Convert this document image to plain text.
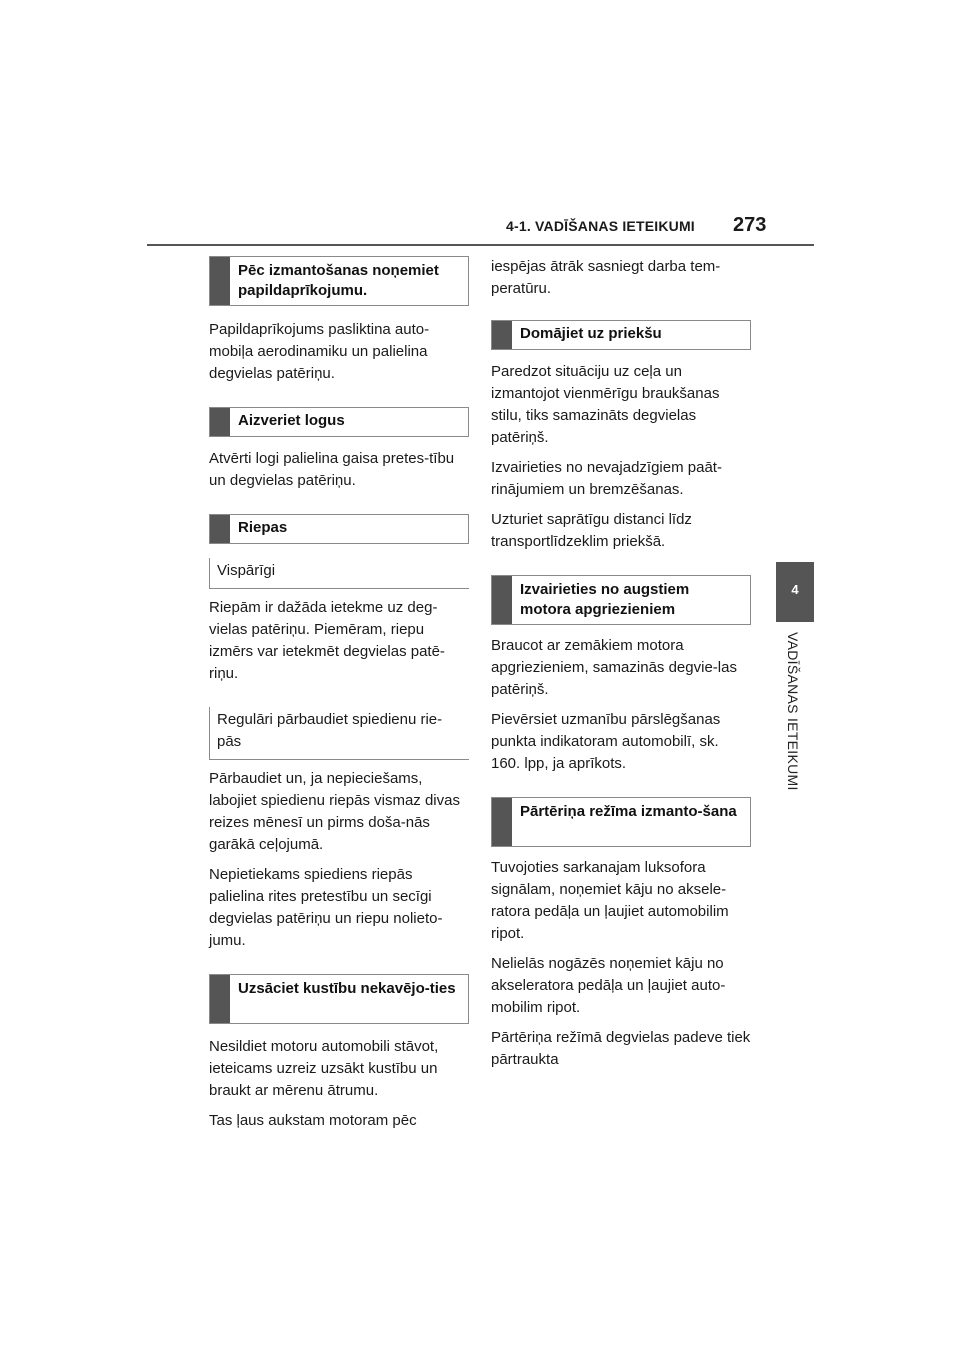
4-1. VADĪŠANAS IETEIKUMI 273
4
VADĪŠANAS IETEIKUMI
Pēc izmantošanas noņemiet papildaprīkojumu.

Papildaprīkojums pasliktina auto-mobiļa aerodinamiku un palielina degvielas patēriņu.

Aizveriet logus

Atvērti logi palielina gaisa pretes-tību un degvielas patēriņu.

Riepas
Vispārīgi

Riepām ir dažāda ietekme uz deg-vielas patēriņu. Piemēram, riepu izmērs var ietekmēt degvielas patē-riņu.

Regulāri pārbaudiet spiedienu rie-pās

Pārbaudiet un, ja nepieciešams, labojiet spiedienu riepās vismaz divas reizes mēnesī un pirms doša-nās garākā ceļojumā.

Nepietiekams spiediens riepās palielina rites pretestību un secīgi degvielas patēriņu un riepu nolieto-jumu.

Uzsāciet kustību nekavējo-ties

Nesildiet motoru automobili stāvot, ieteicams uzreiz uzsākt kustību un braukt ar mērenu ātrumu.

Tas ļaus aukstam motoram pēc

iespējas ātrāk sasniegt darba tem-peratūru.

Domājiet uz priekšu

Paredzot situāciju uz ceļa un izmantojot vienmērīgu braukšanas stilu, tiks samazināts degvielas patēriņš.

Izvairieties no nevajadzīgiem paāt-rinājumiem un bremzēšanas.

Uzturiet saprātīgu distanci līdz transportlīdzeklim priekšā.

Izvairieties no augstiem motora apgriezieniem

Braucot ar zemākiem motora apgriezieniem, samazinās degvie-las patēriņš.

Pievērsiet uzmanību pārslēgšanas punkta indikatoram automobilī, sk. 160. lpp, ja aprīkots.

Pārtēriņa režīma izmanto-šana

Tuvojoties sarkanajam luksofora signālam, noņemiet kāju no aksele-ratora pedāļa un ļaujiet automobilim ripot.

Nelielās nogāzēs noņemiet kāju no akseleratora pedāļa un ļaujiet auto-mobilim ripot.

Pārtēriņa režīmā degvielas padeve tiek pārtraukta
